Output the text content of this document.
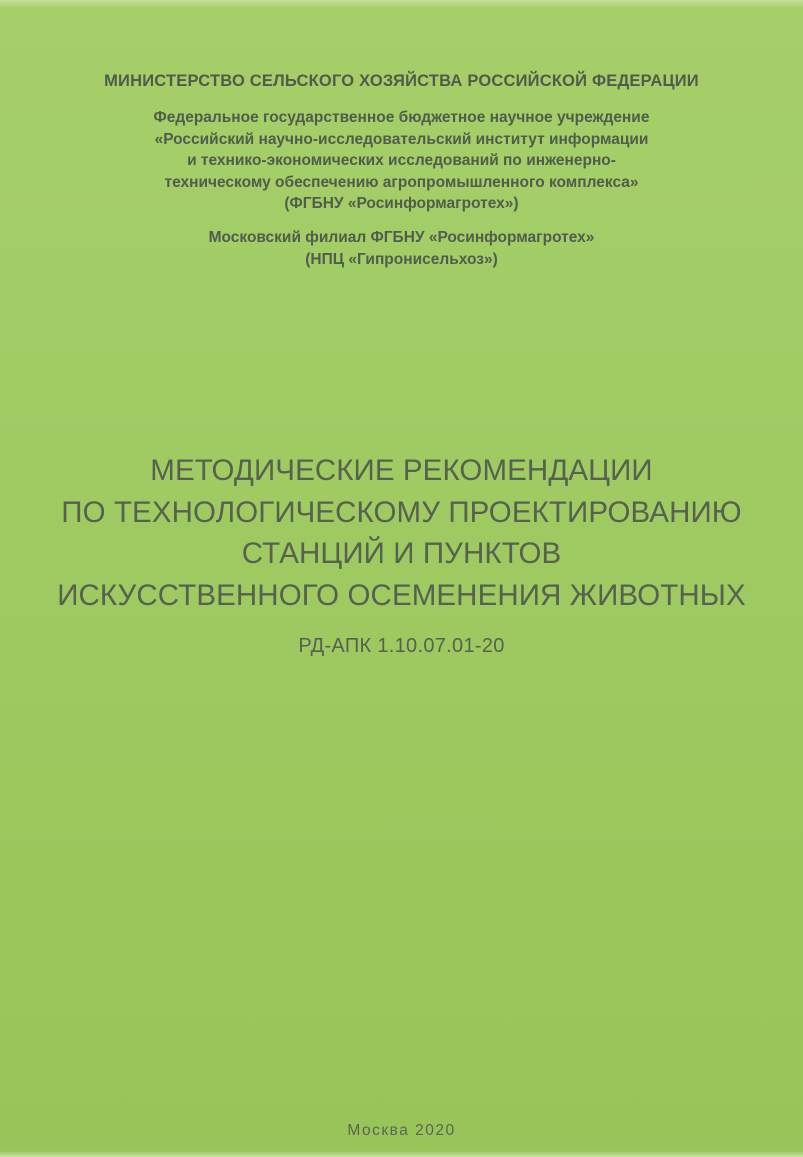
МИНИСТЕРСТВО СЕЛЬСКОГО ХОЗЯЙСТВА РОССИЙСКОЙ ФЕДЕРАЦИИ
Федеральное государственное бюджетное научное учреждение
«Российский научно-исследовательский институт информации
и технико-экономических исследований по инженерно-
техническому обеспечению агропромышленного комплекса»
(ФГБНУ «Росинформагротех»)
Московский филиал ФГБНУ «Росинформагротех»
(НПЦ «Гипронисельхоз»)
МЕТОДИЧЕСКИЕ РЕКОМЕНДАЦИИ
ПО ТЕХНОЛОГИЧЕСКОМУ ПРОЕКТИРОВАНИЮ
СТАНЦИЙ И ПУНКТОВ
ИСКУССТВЕННОГО ОСЕМЕНЕНИЯ ЖИВОТНЫХ
РД-АПК 1.10.07.01-20
Москва 2020
